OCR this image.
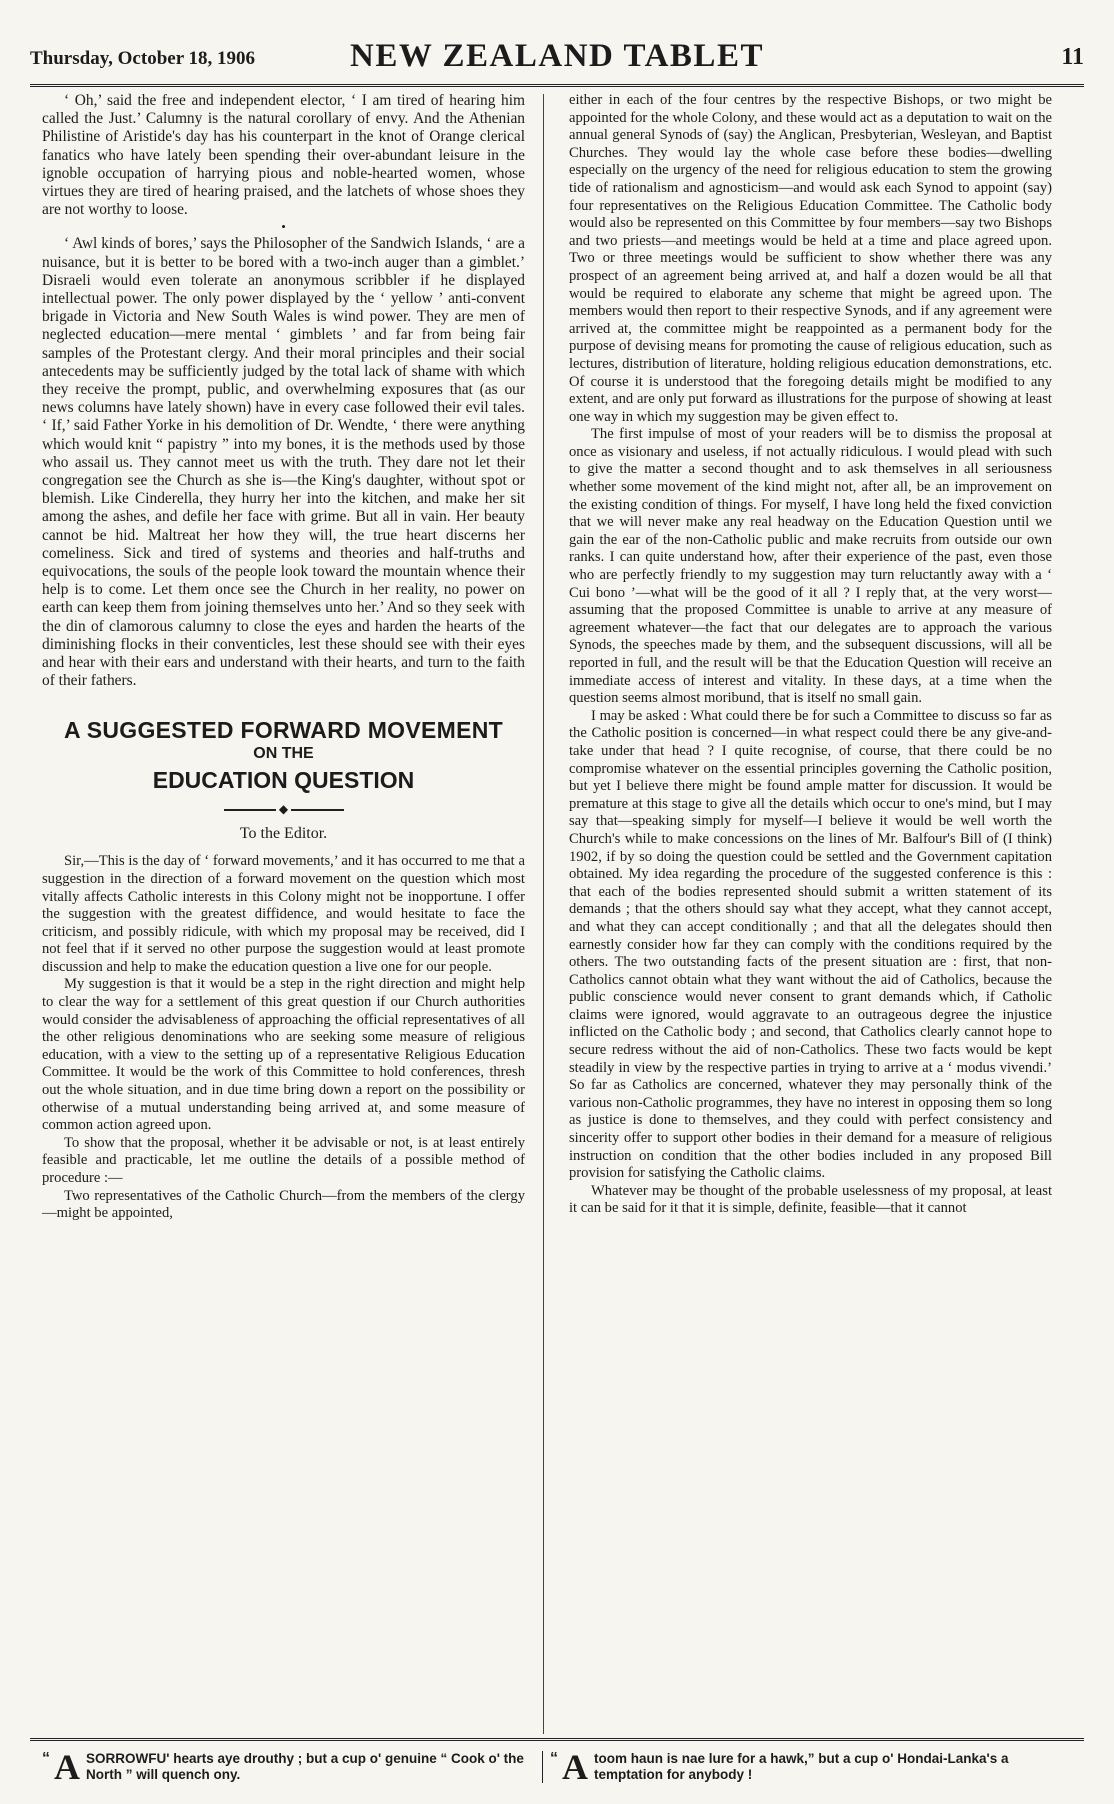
Thursday, October 18, 1906	NEW ZEALAND TABLET	11

‘ Oh,’ said the free and independent elector, ‘ I am tired of hearing him called the Just.’ Calumny is the natural corollary of envy. And the Athenian Philistine of Aristide's day has his counterpart in the knot of Orange clerical fanatics who have lately been spending their over-abundant leisure in the ignoble occupation of harrying pious and noble-hearted women, whose virtues they are tired of hearing praised, and the latchets of whose shoes they are not worthy to loose.

•

‘ Awl kinds of bores,’ says the Philosopher of the Sandwich Islands, ‘ are a nuisance, but it is better to be bored with a two-inch auger than a gimblet.’ Disraeli would even tolerate an anonymous scribbler if he displayed intellectual power. The only power displayed by the ‘ yellow ’ anti-convent brigade in Victoria and New South Wales is wind power. They are men of neglected education—mere mental ‘ gimblets ’ and far from being fair samples of the Protestant clergy. And their moral principles and their social antecedents may be sufficiently judged by the total lack of shame with which they receive the prompt, public, and overwhelming exposures that (as our news columns have lately shown) have in every case followed their evil tales. ‘ If,’ said Father Yorke in his demolition of Dr. Wendte, ‘ there were anything which would knit “ papistry ” into my bones, it is the methods used by those who assail us. They cannot meet us with the truth. They dare not let their congregation see the Church as she is—the King's daughter, without spot or blemish. Like Cinderella, they hurry her into the kitchen, and make her sit among the ashes, and defile her face with grime. But all in vain. Her beauty cannot be hid. Maltreat her how they will, the true heart discerns her comeliness. Sick and tired of systems and theories and half-truths and equivocations, the souls of the people look toward the mountain whence their help is to come. Let them once see the Church in her reality, no power on earth can keep them from joining themselves unto her.’ And so they seek with the din of clamorous calumny to close the eyes and harden the hearts of the diminishing flocks in their conventicles, lest these should see with their eyes and hear with their ears and understand with their hearts, and turn to the faith of their fathers.

A SUGGESTED FORWARD MOVEMENT
ON THE
EDUCATION QUESTION
◆
To the Editor.

Sir,—This is the day of ‘ forward movements,’ and it has occurred to me that a suggestion in the direction of a forward movement on the question which most vitally affects Catholic interests in this Colony might not be inopportune. I offer the suggestion with the greatest diffidence, and would hesitate to face the criticism, and possibly ridicule, with which my proposal may be received, did I not feel that if it served no other purpose the suggestion would at least promote discussion and help to make the education question a live one for our people.

My suggestion is that it would be a step in the right direction and might help to clear the way for a settlement of this great question if our Church authorities would consider the advisableness of approaching the official representatives of all the other religious denominations who are seeking some measure of religious education, with a view to the setting up of a representative Religious Education Committee. It would be the work of this Committee to hold conferences, thresh out the whole situation, and in due time bring down a report on the possibility or otherwise of a mutual understanding being arrived at, and some measure of common action agreed upon.

To show that the proposal, whether it be advisable or not, is at least entirely feasible and practicable, let me outline the details of a possible method of procedure :—

Two representatives of the Catholic Church—from the members of the clergy—might be appointed,

either in each of the four centres by the respective Bishops, or two might be appointed for the whole Colony, and these would act as a deputation to wait on the annual general Synods of (say) the Anglican, Presbyterian, Wesleyan, and Baptist Churches. They would lay the whole case before these bodies—dwelling especially on the urgency of the need for religious education to stem the growing tide of rationalism and agnosticism—and would ask each Synod to appoint (say) four representatives on the Religious Education Committee. The Catholic body would also be represented on this Committee by four members—say two Bishops and two priests—and meetings would be held at a time and place agreed upon. Two or three meetings would be sufficient to show whether there was any prospect of an agreement being arrived at, and half a dozen would be all that would be required to elaborate any scheme that might be agreed upon. The members would then report to their respective Synods, and if any agreement were arrived at, the committee might be reappointed as a permanent body for the purpose of devising means for promoting the cause of religious education, such as lectures, distribution of literature, holding religious education demonstrations, etc. Of course it is understood that the foregoing details might be modified to any extent, and are only put forward as illustrations for the purpose of showing at least one way in which my suggestion may be given effect to.

The first impulse of most of your readers will be to dismiss the proposal at once as visionary and useless, if not actually ridiculous. I would plead with such to give the matter a second thought and to ask themselves in all seriousness whether some movement of the kind might not, after all, be an improvement on the existing condition of things. For myself, I have long held the fixed conviction that we will never make any real headway on the Education Question until we gain the ear of the non-Catholic public and make recruits from outside our own ranks. I can quite understand how, after their experience of the past, even those who are perfectly friendly to my suggestion may turn reluctantly away with a ‘ Cui bono ’—what will be the good of it all ? I reply that, at the very worst—assuming that the proposed Committee is unable to arrive at any measure of agreement whatever—the fact that our delegates are to approach the various Synods, the speeches made by them, and the subsequent discussions, will all be reported in full, and the result will be that the Education Question will receive an immediate access of interest and vitality. In these days, at a time when the question seems almost moribund, that is itself no small gain.

I may be asked : What could there be for such a Committee to discuss so far as the Catholic position is concerned—in what respect could there be any give-and-take under that head ? I quite recognise, of course, that there could be no compromise whatever on the essential principles governing the Catholic position, but yet I believe there might be found ample matter for discussion. It would be premature at this stage to give all the details which occur to one's mind, but I may say that—speaking simply for myself—I believe it would be well worth the Church's while to make concessions on the lines of Mr. Balfour's Bill of (I think) 1902, if by so doing the question could be settled and the Government capitation obtained. My idea regarding the procedure of the suggested conference is this : that each of the bodies represented should submit a written statement of its demands ; that the others should say what they accept, what they cannot accept, and what they can accept conditionally ; and that all the delegates should then earnestly consider how far they can comply with the conditions required by the others. The two outstanding facts of the present situation are : first, that non-Catholics cannot obtain what they want without the aid of Catholics, because the public conscience would never consent to grant demands which, if Catholic claims were ignored, would aggravate to an outrageous degree the injustice inflicted on the Catholic body ; and second, that Catholics clearly cannot hope to secure redress without the aid of non-Catholics. These two facts would be kept steadily in view by the respective parties in trying to arrive at a ‘ modus vivendi.’ So far as Catholics are concerned, whatever they may personally think of the various non-Catholic programmes, they have no interest in opposing them so long as justice is done to themselves, and they could with perfect consistency and sincerity offer to support other bodies in their demand for a measure of religious instruction on condition that the other bodies included in any proposed Bill provision for satisfying the Catholic claims.

Whatever may be thought of the probable uselessness of my proposal, at least it can be said for it that it is simple, definite, feasible—that it cannot

“ A SORROWFU' hearts aye drouthy ; but a cup o' genuine “ Cook o' the North ” will quench ony.
“ A toom haun is nae lure for a hawk,” but a cup o' Hondai-Lanka's a temptation for anybody !
